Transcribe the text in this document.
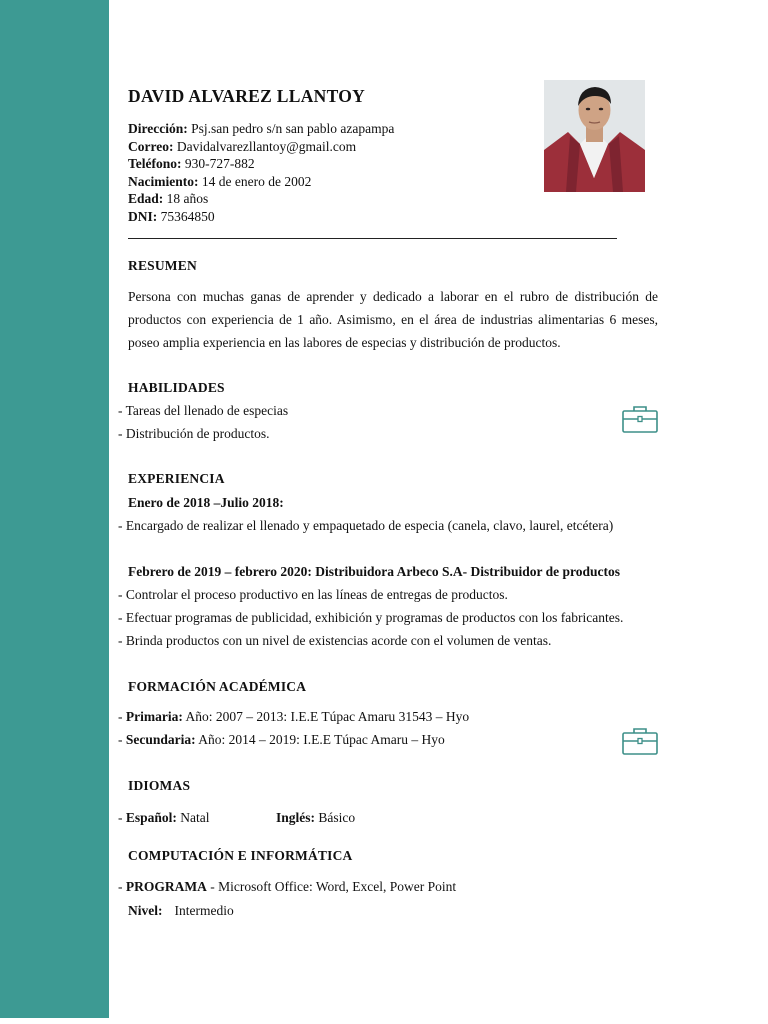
DAVID ALVAREZ LLANTOY
Dirección: Psj.san pedro s/n san pablo azapampa
Correo: Davidalvarezllantoy@gmail.com
Teléfono: 930-727-882
Nacimiento: 14 de enero de 2002
Edad: 18 años
DNI: 75364850
RESUMEN
Persona con muchas ganas de aprender y dedicado a laborar en el rubro de distribución de productos con experiencia de 1 año. Asimismo, en el área de industrias alimentarias 6 meses, poseo amplia experiencia en las labores de especias y distribución de productos.
HABILIDADES
- Tareas del llenado de especias
- Distribución de productos.
EXPERIENCIA
Enero de 2018 –Julio 2018:
- Encargado de realizar el llenado y empaquetado de especia (canela, clavo, laurel, etcétera)
Febrero de 2019 – febrero 2020: Distribuidora Arbeco S.A- Distribuidor de productos
- Controlar el proceso productivo en las líneas de entregas de productos.
- Efectuar programas de publicidad, exhibición y programas de productos con los fabricantes.
- Brinda productos con un nivel de existencias acorde con el volumen de ventas.
FORMACIÓN ACADÉMICA
- Primaria: Año: 2007 – 2013: I.E.E Túpac Amaru 31543 – Hyo
- Secundaria: Año: 2014 – 2019: I.E.E Túpac Amaru – Hyo
IDIOMAS
- Español: Natal	Inglés: Básico
COMPUTACIÓN E INFORMÁTICA
- PROGRAMA - Microsoft Office: Word, Excel, Power Point
Nivel: Intermedio
